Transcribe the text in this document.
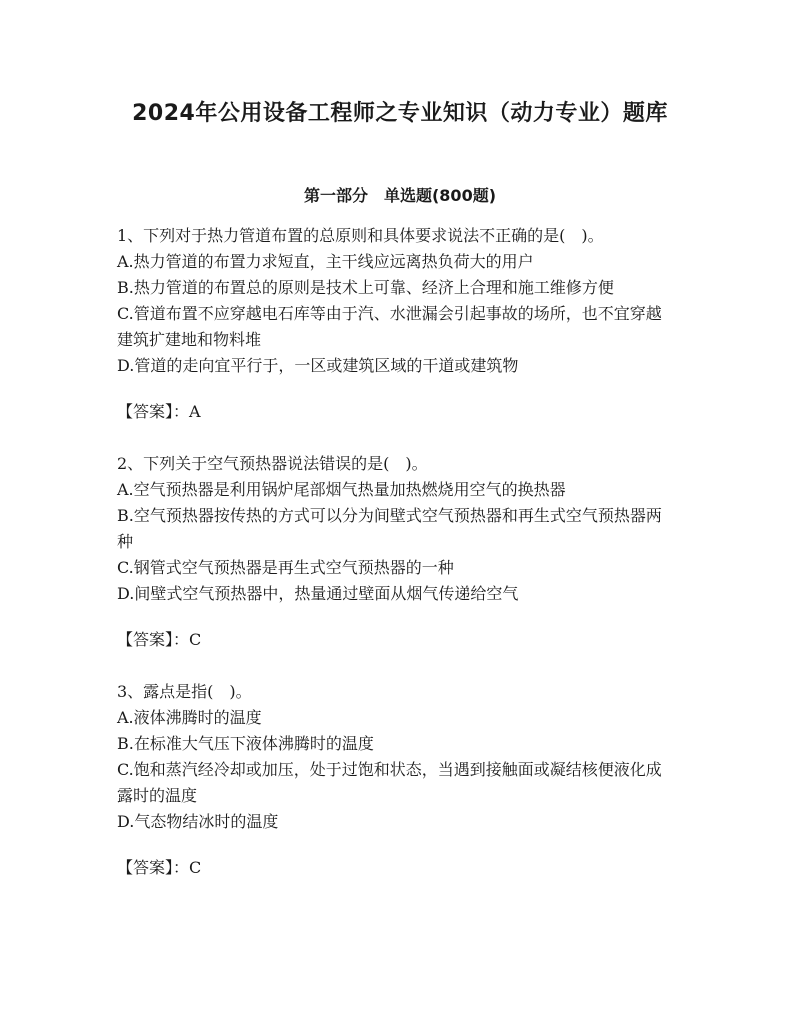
2024年公用设备工程师之专业知识（动力专业）题库
第一部分　单选题(800题)

1、下列对于热力管道布置的总原则和具体要求说法不正确的是(　)。

A.热力管道的布置力求短直，主干线应远离热负荷大的用户

B.热力管道的布置总的原则是技术上可靠、经济上合理和施工维修方便

C.管道布置不应穿越电石库等由于汽、水泄漏会引起事故的场所，也不宜穿越建筑扩建地和物料堆

D.管道的走向宜平行于，一区或建筑区域的干道或建筑物

【答案】：A

2、下列关于空气预热器说法错误的是(　)。

A.空气预热器是利用锅炉尾部烟气热量加热燃烧用空气的换热器

B.空气预热器按传热的方式可以分为间壁式空气预热器和再生式空气预热器两种

C.钢管式空气预热器是再生式空气预热器的一种

D.间壁式空气预热器中，热量通过壁面从烟气传递给空气

【答案】：C

3、露点是指(　)。

A.液体沸腾时的温度

B.在标准大气压下液体沸腾时的温度

C.饱和蒸汽经冷却或加压，处于过饱和状态，当遇到接触面或凝结核便液化成露时的温度

D.气态物结冰时的温度

【答案】：C
